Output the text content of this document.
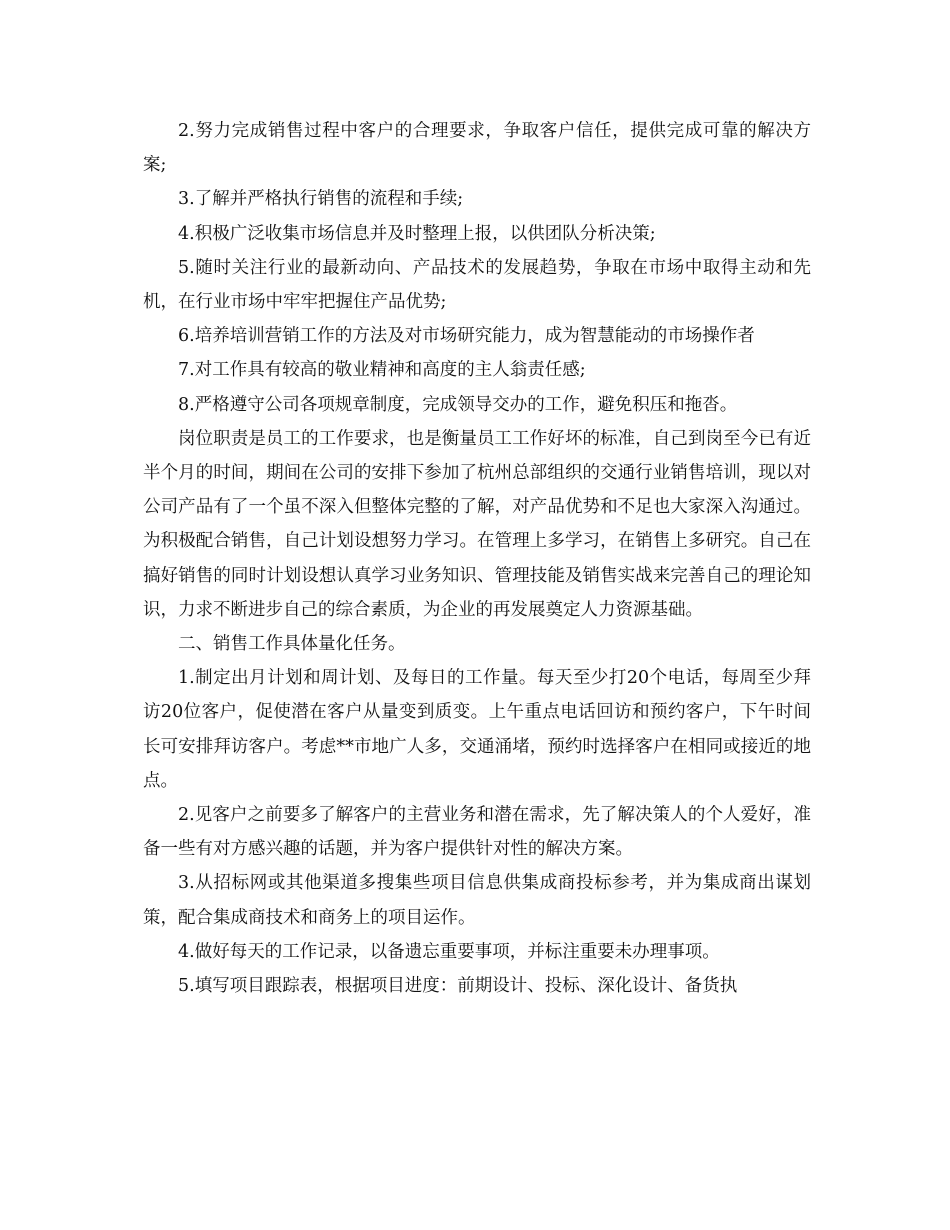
2.努力完成销售过程中客户的合理要求，争取客户信任，提供完成可靠的解决方案;

3.了解并严格执行销售的流程和手续;

4.积极广泛收集市场信息并及时整理上报，以供团队分析决策;

5.随时关注行业的最新动向、产品技术的发展趋势，争取在市场中取得主动和先机，在行业市场中牢牢把握住产品优势;

6.培养培训营销工作的方法及对市场研究能力，成为智慧能动的市场操作者

7.对工作具有较高的敬业精神和高度的主人翁责任感;

8.严格遵守公司各项规章制度，完成领导交办的工作，避免积压和拖沓。

岗位职责是员工的工作要求，也是衡量员工工作好坏的标准，自己到岗至今已有近半个月的时间，期间在公司的安排下参加了杭州总部组织的交通行业销售培训，现以对公司产品有了一个虽不深入但整体完整的了解，对产品优势和不足也大家深入沟通过。为积极配合销售，自己计划设想努力学习。在管理上多学习，在销售上多研究。自己在搞好销售的同时计划设想认真学习业务知识、管理技能及销售实战来完善自己的理论知识，力求不断进步自己的综合素质，为企业的再发展奠定人力资源基础。

二、销售工作具体量化任务。

1.制定出月计划和周计划、及每日的工作量。每天至少打20个电话，每周至少拜访20位客户，促使潜在客户从量变到质变。上午重点电话回访和预约客户，下午时间长可安排拜访客户。考虑**市地广人多，交通涌堵，预约时选择客户在相同或接近的地点。

2.见客户之前要多了解客户的主营业务和潜在需求，先了解决策人的个人爱好，准备一些有对方感兴趣的话题，并为客户提供针对性的解决方案。

3.从招标网或其他渠道多搜集些项目信息供集成商投标参考，并为集成商出谋划策，配合集成商技术和商务上的项目运作。

4.做好每天的工作记录，以备遗忘重要事项，并标注重要未办理事项。

5.填写项目跟踪表，根据项目进度：前期设计、投标、深化设计、备货执
